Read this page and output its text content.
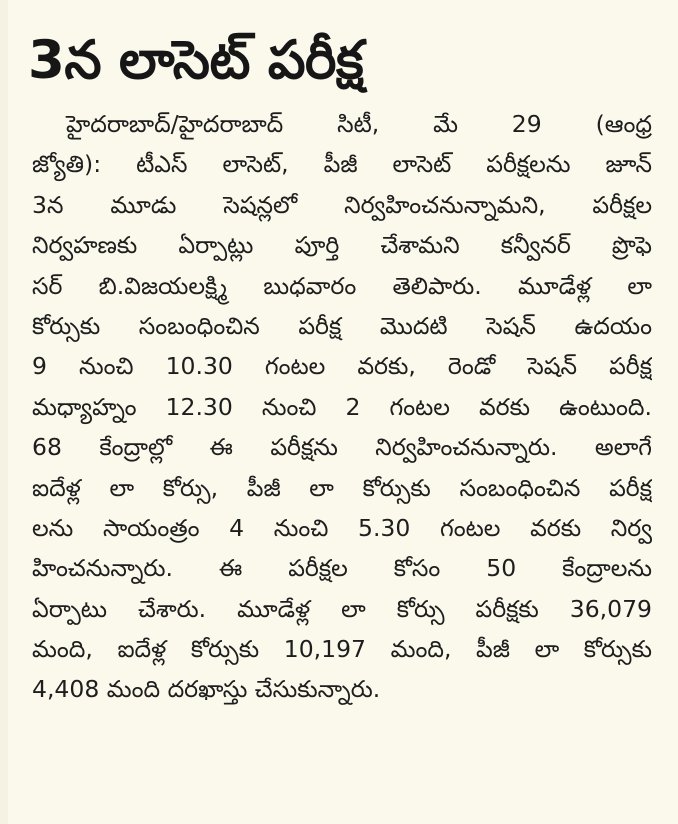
3న లాసెట్‌ పరీక్ష
హైదరాబాద్‌/హైదరాబాద్‌ సిటీ, మే 29 (ఆంధ్ర
జ్యోతి): టీఎస్‌ లాసెట్‌, పీజీ లాసెట్‌ పరీక్షలను జూన్‌
3న మూడు సెషన్లలో నిర్వహించనున్నామని, పరీక్షల
నిర్వహణకు ఏర్పాట్లు పూర్తి చేశామని కన్వీనర్‌ ప్రొఫె
సర్‌ బి.విజయలక్ష్మి బుధవారం తెలిపారు. మూడేళ్ల లా
కోర్సుకు సంబంధించిన పరీక్ష మొదటి సెషన్‌ ఉదయం
9 నుంచి 10.30 గంటల వరకు, రెండో సెషన్‌ పరీక్ష
మధ్యాహ్నం 12.30 నుంచి 2 గంటల వరకు ఉంటుంది.
68 కేంద్రాల్లో ఈ పరీక్షను నిర్వహించనున్నారు. అలాగే
ఐదేళ్ల లా కోర్సు, పీజీ లా కోర్సుకు సంబంధించిన పరీక్ష
లను సాయంత్రం 4 నుంచి 5.30 గంటల వరకు నిర్వ
హించనున్నారు. ఈ పరీక్షల కోసం 50 కేంద్రాలను
ఏర్పాటు చేశారు. మూడేళ్ల లా కోర్సు పరీక్షకు 36,079
మంది, ఐదేళ్ల కోర్సుకు 10,197 మంది, పీజీ లా కోర్సుకు
4,408 మంది దరఖాస్తు చేసుకున్నారు.
